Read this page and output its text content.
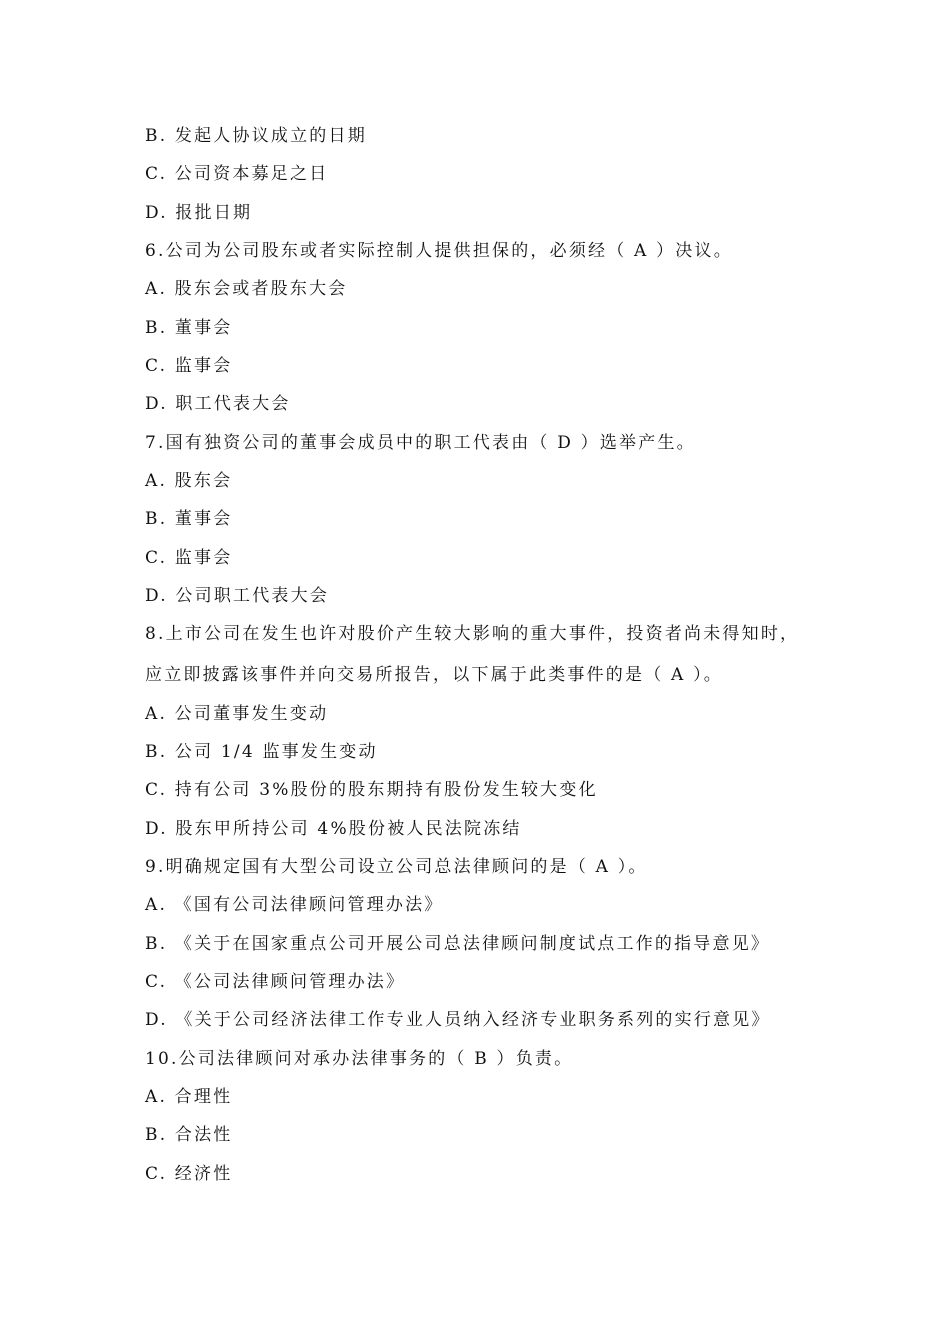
B. 发起人协议成立的日期
C. 公司资本募足之日
D. 报批日期
6.公司为公司股东或者实际控制人提供担保的，必须经（ A ）决议。
A. 股东会或者股东大会
B. 董事会
C. 监事会
D. 职工代表大会
7.国有独资公司的董事会成员中的职工代表由（ D ）选举产生。
A. 股东会
B. 董事会
C. 监事会
D. 公司职工代表大会
8.上市公司在发生也许对股价产生较大影响的重大事件，投资者尚未得知时，
应立即披露该事件并向交易所报告，以下属于此类事件的是（ A ）。
A. 公司董事发生变动
B. 公司 1/4 监事发生变动
C. 持有公司 3%股份的股东期持有股份发生较大变化
D. 股东甲所持公司 4%股份被人民法院冻结
9.明确规定国有大型公司设立公司总法律顾问的是（ A ）。
A. 《国有公司法律顾问管理办法》
B. 《关于在国家重点公司开展公司总法律顾问制度试点工作的指导意见》
C. 《公司法律顾问管理办法》
D. 《关于公司经济法律工作专业人员纳入经济专业职务系列的实行意见》
10.公司法律顾问对承办法律事务的（ B ）负责。
A. 合理性
B. 合法性
C. 经济性
